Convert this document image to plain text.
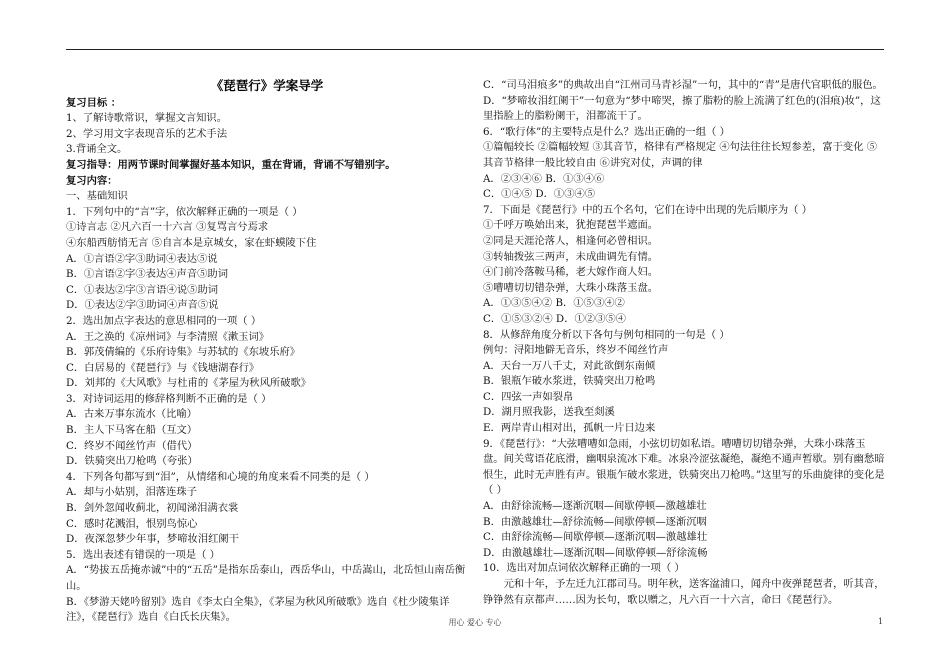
《琵琶行》学案导学

复习目标 ：

1、了解诗歌常识，掌握文言知识。

2、学习用文字表现音乐的艺术手法

3.背诵全文。

复习指导：用两节课时间掌握好基本知识，重在背诵，背诵不写错别字。

复习内容：

一、基础知识

1．下列句中的“言”字，依次解释正确的一项是（ ）

①诗言志 ②凡六百一十六言 ③复骂言兮焉求

④东船西舫悄无言 ⑤自言本是京城女，家在虾蟆陵下住

A．①言语②字③助词④表达⑤说

B．①言语②字③表达④声音⑤助词

C．①表达②字③言语④说⑤助词

D．①表达②字③助词④声音⑤说

2．选出加点字表达的意思相同的一项（ ）

A．王之涣的《凉州词》与李清照《漱玉词》

B．郭茂倩编的《乐府诗集》与苏轼的《东坡乐府》

C．白居易的《琵琶行》与《钱塘湖春行》

D．刘邦的《大风歌》与杜甫的《茅屋为秋风所破歌》

3．对诗词运用的修辞格判断不正确的是（ ）

A．古来万事东流水（比喻）

B．主人下马客在船（互文）

C．终岁不闻丝竹声（借代）

D．铁骑突出刀枪鸣（夸张）

4．下列各句都写到“泪”，从情绪和心境的角度来看不同类的是（ ）

A．却与小姑别，泪落连珠子

B．剑外忽闻收蓟北，初闻涕泪满衣裳

C．感时花溅泪，恨别鸟惊心

D．夜深忽梦少年事，梦啼妆泪红阑干

5．选出表述有错误的一项是（ ）

A．“势拔五岳掩赤诚”中的“五岳”是指东岳泰山，西岳华山，中岳嵩山，北岳恒山南岳衡山。

B．《梦游天姥吟留别》选自《李太白全集》，《茅屋为秋风所破歌》选自《杜少陵集详注》，《琵琶行》选自《白氏长庆集》。

C．“司马泪痕多”的典故出自“江州司马青衫湿”一句，其中的“青”是唐代官职低的服色。

D．“梦啼妆泪红阑干”一句意为“梦中啼哭，擦了脂粉的脸上流满了红色的(泪痕)妆”，这里指脸上的脂粉阑干，泪都流干了。

6．“歌行体”的主要特点是什么？选出正确的一组（ ）

①篇幅较长 ②篇幅较短 ③其音节，格律有严格规定 ④句法往往长短参差，富于变化 ⑤其音节格律一般比较自由 ⑥讲究对仗，声调的律

A．②③④⑥ B．①③④⑥

C．①④⑤ D．①③④⑤

7．下面是《琵琶行》中的五个名句，它们在诗中出现的先后顺序为（ ）

①千呼万唤始出来，犹抱琵琶半遮面。

②同是天涯沦落人，相逢何必曾相识。

③转轴拨弦三两声，未成曲调先有情。

④门前冷落鞍马稀，老大嫁作商人妇。

⑤嘈嘈切切错杂弹，大珠小珠落玉盘。

A．①③⑤④② B．①⑤③④②

C．①⑤③②④ D．①②③⑤④

8．从修辞角度分析以下各句与例句相同的一句是（ ）

例句：浔阳地僻无音乐，终岁不闻丝竹声

A．天台一万八千丈，对此欲倒东南倾

B．银瓶乍破水浆迸，铁骑突出刀枪鸣

C．四弦一声如裂帛

D．湖月照我影，送我至剡溪

E．两岸青山相对出，孤帆一片日边来

9．《琵琶行》：“大弦嘈嘈如急雨，小弦切切如私语。嘈嘈切切错杂弹，大珠小珠落玉盘。间关莺语花底滑，幽咽泉流冰下难。冰泉冷涩弦凝绝，凝绝不通声暂歇。别有幽愁暗恨生，此时无声胜有声。银瓶乍破水浆迸，铁骑突出刀枪鸣。”这里写的乐曲旋律的变化是（ ）

A．由舒徐流畅—逐渐沉咽—间歇停顿—激越雄壮

B．由激越雄壮—舒徐流畅—间歇停顿—逐渐沉咽

C．由舒徐流畅—间歇停顿—逐渐沉咽—激越雄壮

D．由激越雄壮—逐渐沉咽—间歇停顿—舒徐流畅

10．选出对加点词依次解释正确的一项（ ）

元和十年，予左迁九江郡司马。明年秋，送客湓浦口，闻舟中夜弹琵琶者，听其音，铮铮然有京都声……因为长句，歌以赠之，凡六百一十六言，命曰《琵琶行》。

用心 爱心 专心	1
